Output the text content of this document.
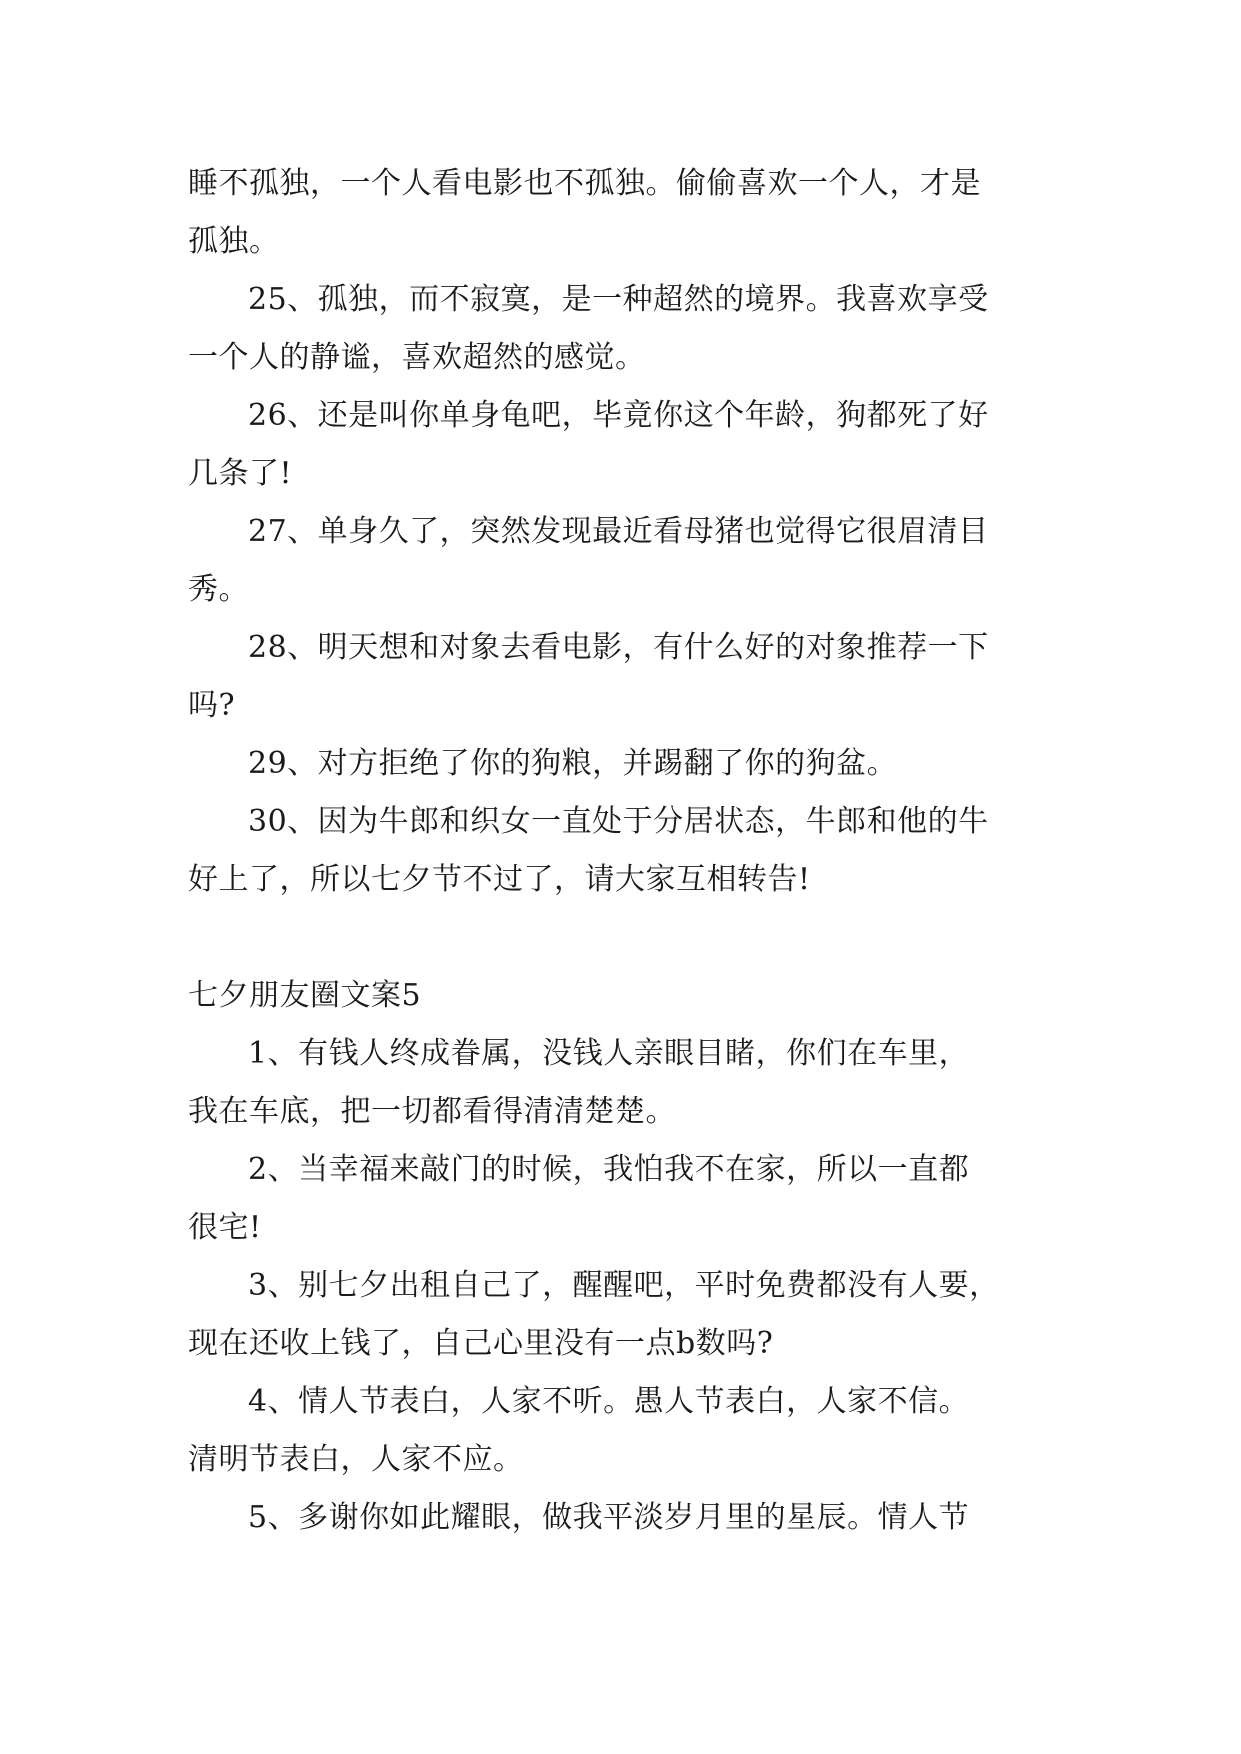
睡不孤独，一个人看电影也不孤独。偷偷喜欢一个人，才是
孤独。
25、孤独，而不寂寞，是一种超然的境界。我喜欢享受
一个人的静谧，喜欢超然的感觉。
26、还是叫你单身龟吧，毕竟你这个年龄，狗都死了好
几条了!
27、单身久了，突然发现最近看母猪也觉得它很眉清目
秀。
28、明天想和对象去看电影，有什么好的对象推荐一下
吗?
29、对方拒绝了你的狗粮，并踢翻了你的狗盆。
30、因为牛郎和织女一直处于分居状态，牛郎和他的牛
好上了，所以七夕节不过了，请大家互相转告!
七夕朋友圈文案5
1、有钱人终成眷属，没钱人亲眼目睹，你们在车里，
我在车底，把一切都看得清清楚楚。
2、当幸福来敲门的时候，我怕我不在家，所以一直都
很宅!
3、别七夕出租自己了，醒醒吧，平时免费都没有人要，
现在还收上钱了，自己心里没有一点b数吗?
4、情人节表白，人家不听。愚人节表白，人家不信。
清明节表白，人家不应。
5、多谢你如此耀眼，做我平淡岁月里的星辰。情人节
